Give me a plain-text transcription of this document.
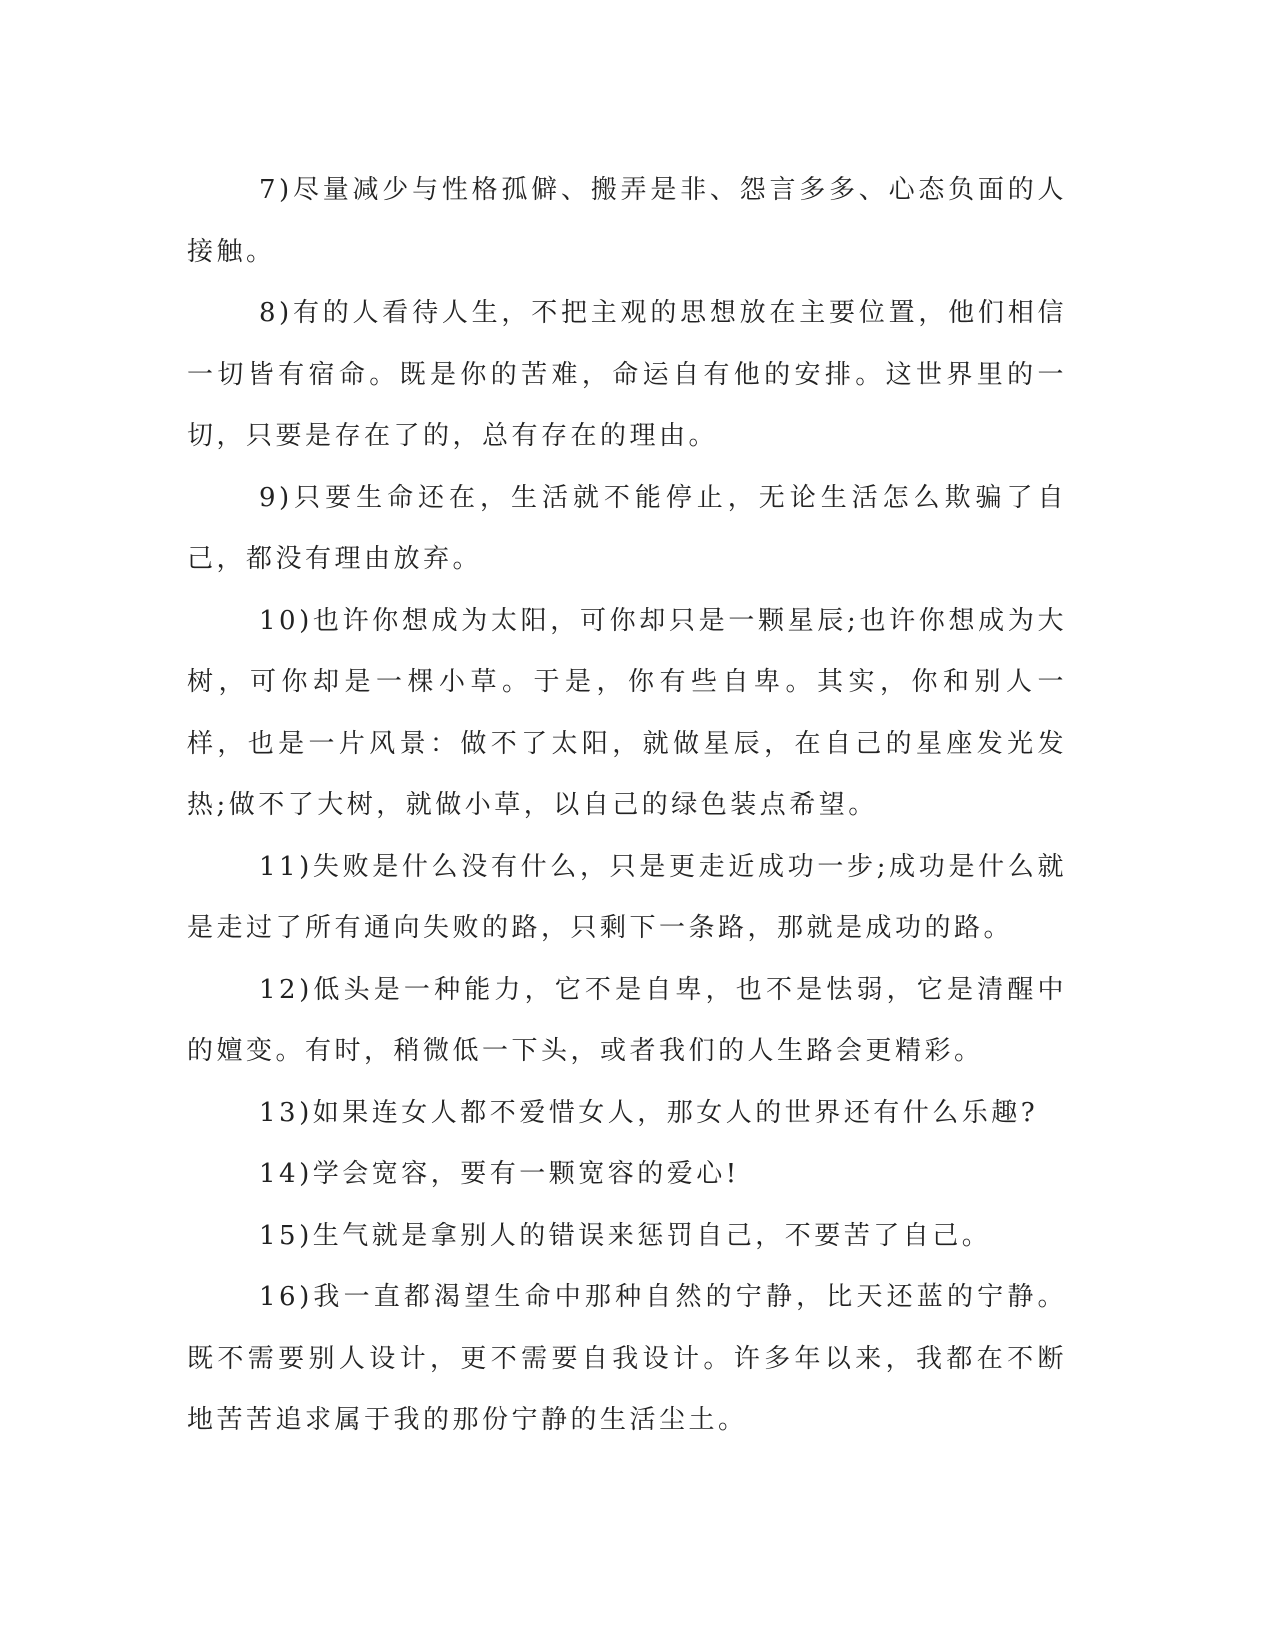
7)尽量减少与性格孤僻、搬弄是非、怨言多多、心态负面的人接触。

8)有的人看待人生，不把主观的思想放在主要位置，他们相信一切皆有宿命。既是你的苦难，命运自有他的安排。这世界里的一切，只要是存在了的，总有存在的理由。

9)只要生命还在，生活就不能停止，无论生活怎么欺骗了自己，都没有理由放弃。

10)也许你想成为太阳，可你却只是一颗星辰;也许你想成为大树，可你却是一棵小草。于是，你有些自卑。其实，你和别人一样，也是一片风景：做不了太阳，就做星辰，在自己的星座发光发热;做不了大树，就做小草，以自己的绿色装点希望。

11)失败是什么没有什么，只是更走近成功一步;成功是什么就是走过了所有通向失败的路，只剩下一条路，那就是成功的路。

12)低头是一种能力，它不是自卑，也不是怯弱，它是清醒中的嬗变。有时，稍微低一下头，或者我们的人生路会更精彩。

13)如果连女人都不爱惜女人，那女人的世界还有什么乐趣?

14)学会宽容，要有一颗宽容的爱心!

15)生气就是拿别人的错误来惩罚自己，不要苦了自己。

16)我一直都渴望生命中那种自然的宁静，比天还蓝的宁静。既不需要别人设计，更不需要自我设计。许多年以来，我都在不断地苦苦追求属于我的那份宁静的生活尘土。
